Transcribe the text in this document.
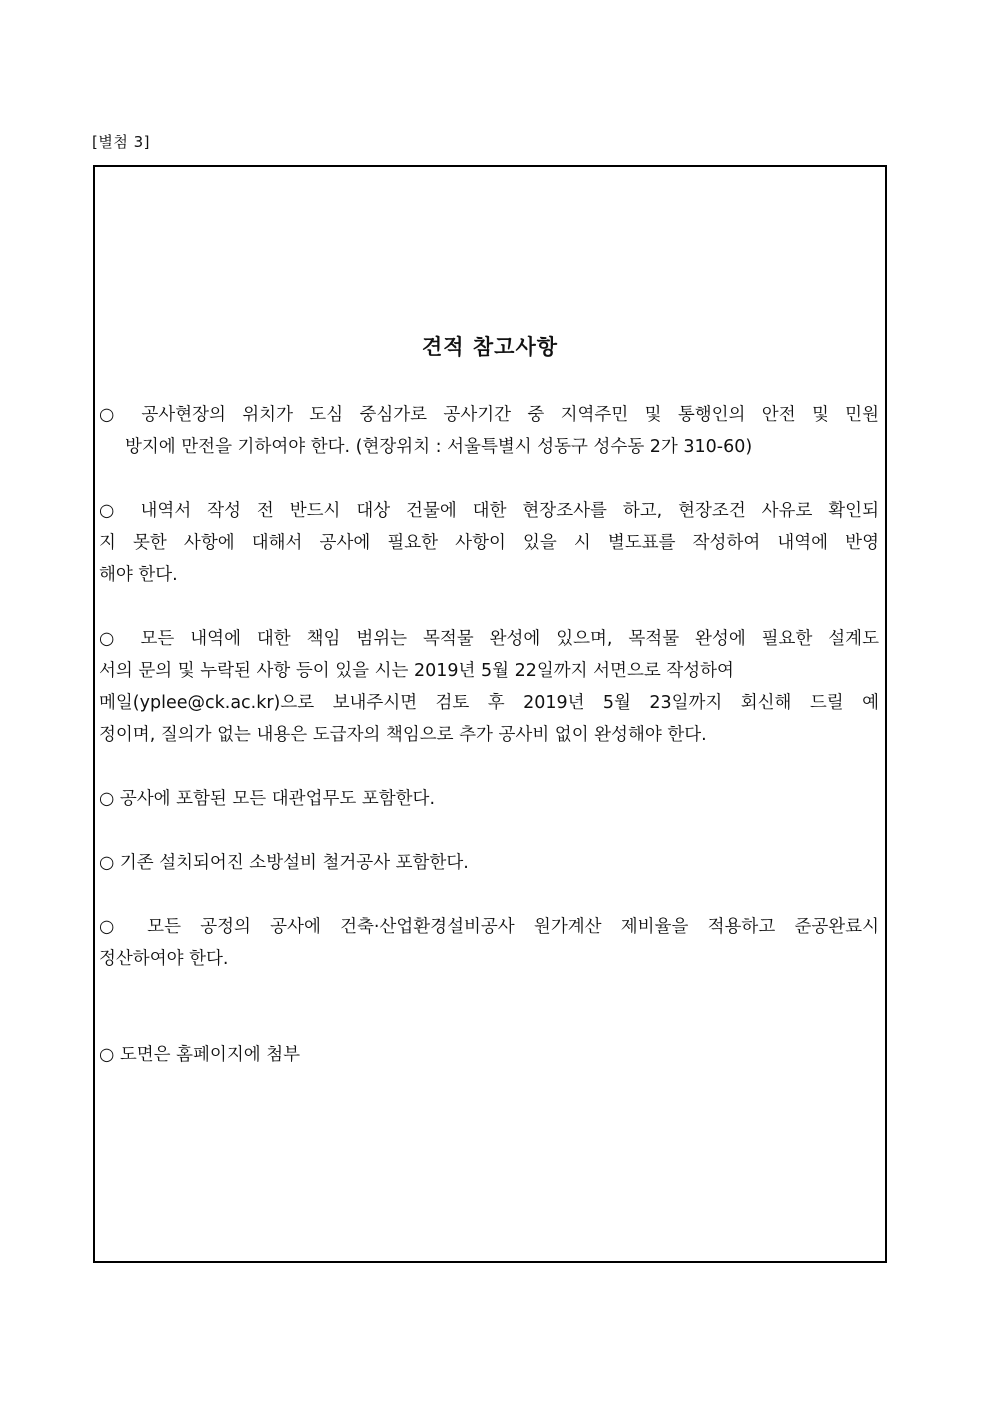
[별첨 3]
견적 참고사항
○ 공사현장의 위치가 도심 중심가로 공사기간 중 지역주민 및 통행인의 안전 및 민원
방지에 만전을 기하여야 한다. (현장위치 : 서울특별시 성동구 성수동 2가 310-60)
○ 내역서 작성 전 반드시 대상 건물에 대한 현장조사를 하고, 현장조건 사유로 확인되
지 못한 사항에 대해서 공사에 필요한 사항이 있을 시 별도표를 작성하여 내역에 반영
해야 한다.
○ 모든 내역에 대한 책임 범위는 목적물 완성에 있으며, 목적물 완성에 필요한 설계도
서의 문의 및 누락된 사항 등이 있을 시는 2019년 5월 22일까지 서면으로 작성하여
메일(yplee@ck.ac.kr)으로 보내주시면 검토 후 2019년 5월 23일까지 회신해 드릴 예
정이며, 질의가 없는 내용은 도급자의 책임으로 추가 공사비 없이 완성해야 한다.
○ 공사에 포함된 모든 대관업무도 포함한다.
○ 기존 설치되어진 소방설비 철거공사 포함한다.
○ 모든 공정의 공사에 건축·산업환경설비공사 원가계산 제비율을 적용하고 준공완료시
정산하여야 한다.
○ 도면은 홈페이지에 첨부
